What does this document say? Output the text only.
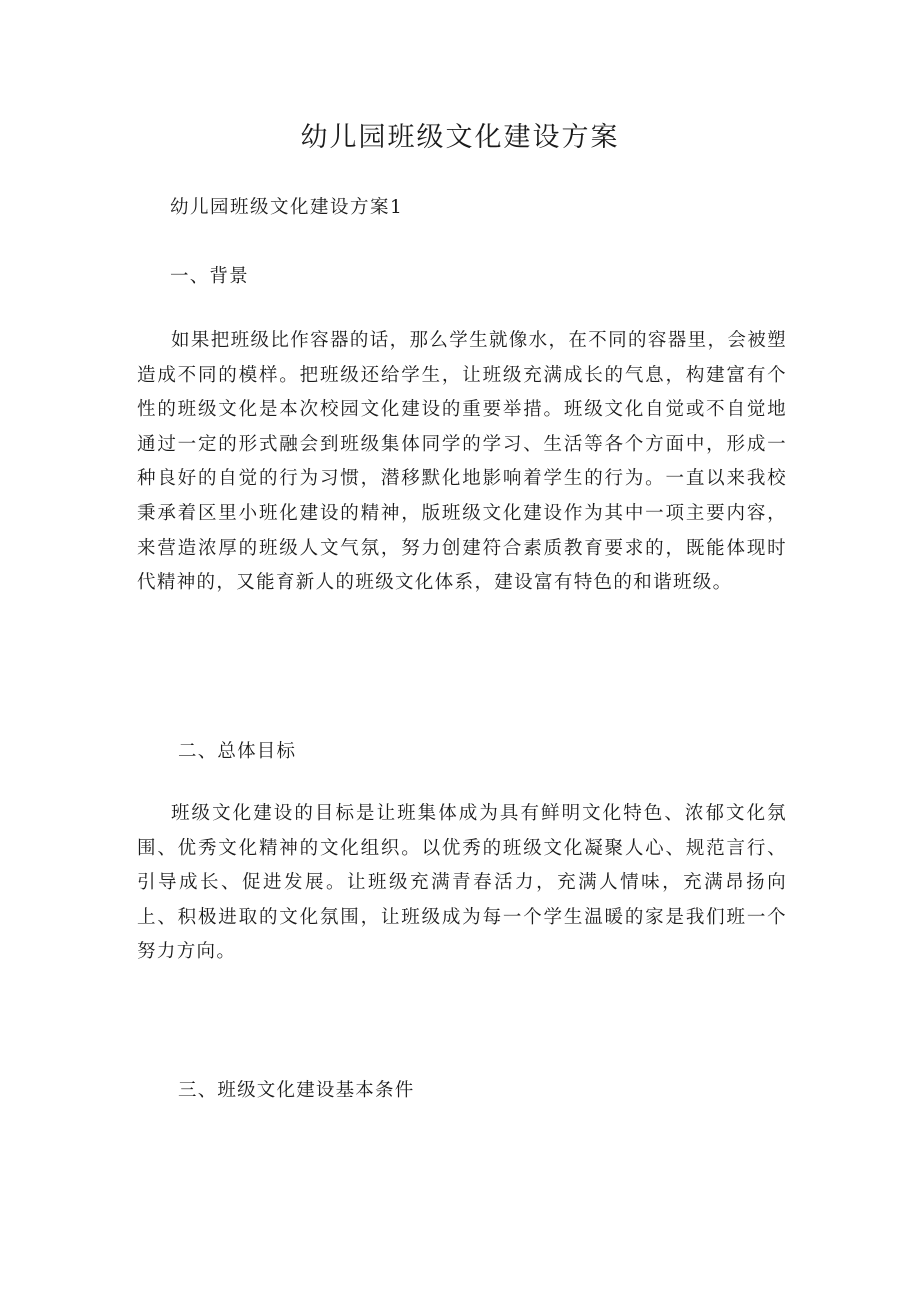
幼儿园班级文化建设方案

幼儿园班级文化建设方案1

一、背景

如果把班级比作容器的话，那么学生就像水，在不同的容器里，会被塑造成不同的模样。把班级还给学生，让班级充满成长的气息，构建富有个性的班级文化是本次校园文化建设的重要举措。班级文化自觉或不自觉地通过一定的形式融会到班级集体同学的学习、生活等各个方面中，形成一种良好的自觉的行为习惯，潜移默化地影响着学生的行为。一直以来我校秉承着区里小班化建设的精神，版班级文化建设作为其中一项主要内容，来营造浓厚的班级人文气氛，努力创建符合素质教育要求的，既能体现时代精神的，又能育新人的班级文化体系，建设富有特色的和谐班级。

二、总体目标

班级文化建设的目标是让班集体成为具有鲜明文化特色、浓郁文化氛围、优秀文化精神的文化组织。以优秀的班级文化凝聚人心、规范言行、引导成长、促进发展。让班级充满青春活力，充满人情味，充满昂扬向上、积极进取的文化氛围，让班级成为每一个学生温暖的家是我们班一个努力方向。

三、班级文化建设基本条件
